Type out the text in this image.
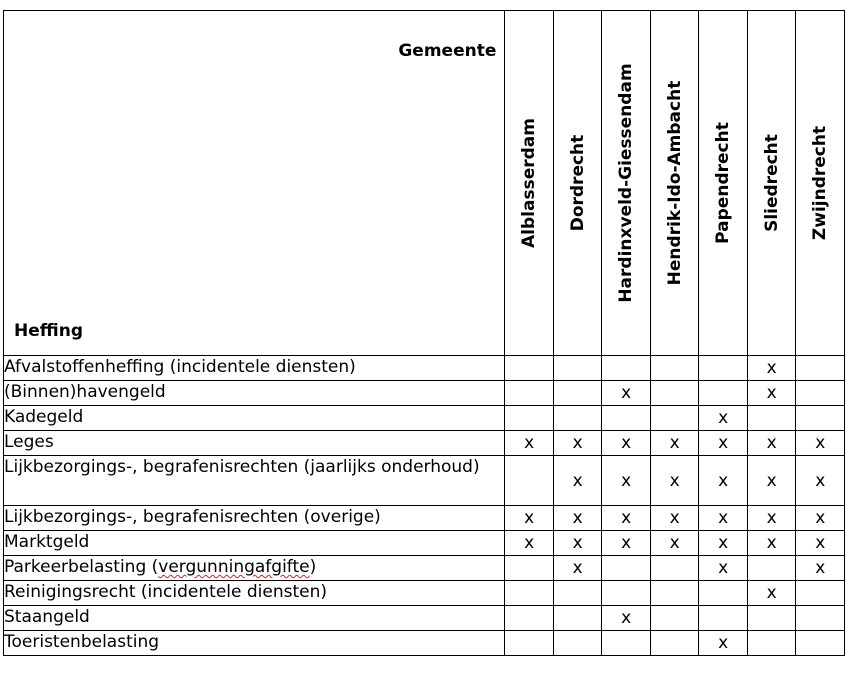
Gemeente
Heffing	Alblasserdam	Dordrecht	Hardinxveld-Giessendam	Hendrik-Ido-Ambacht	Papendrecht	Sliedrecht	Zwijndrecht

Afvalstoffenheffing (incidentele diensten)						x	
(Binnen)havengeld			x			x	
Kadegeld					x		
Leges	x	x	x	x	x	x	x
Lijkbezorgings-, begrafenisrechten (jaarlijks onderhoud)		x	x	x	x	x	x
Lijkbezorgings-, begrafenisrechten (overige)	x	x	x	x	x	x	x
Marktgeld	x	x	x	x	x	x	x
Parkeerbelasting (vergunningafgifte)		x			x		x
Reinigingsrecht (incidentele diensten)						x	
Staangeld			x				
Toeristenbelasting					x		
